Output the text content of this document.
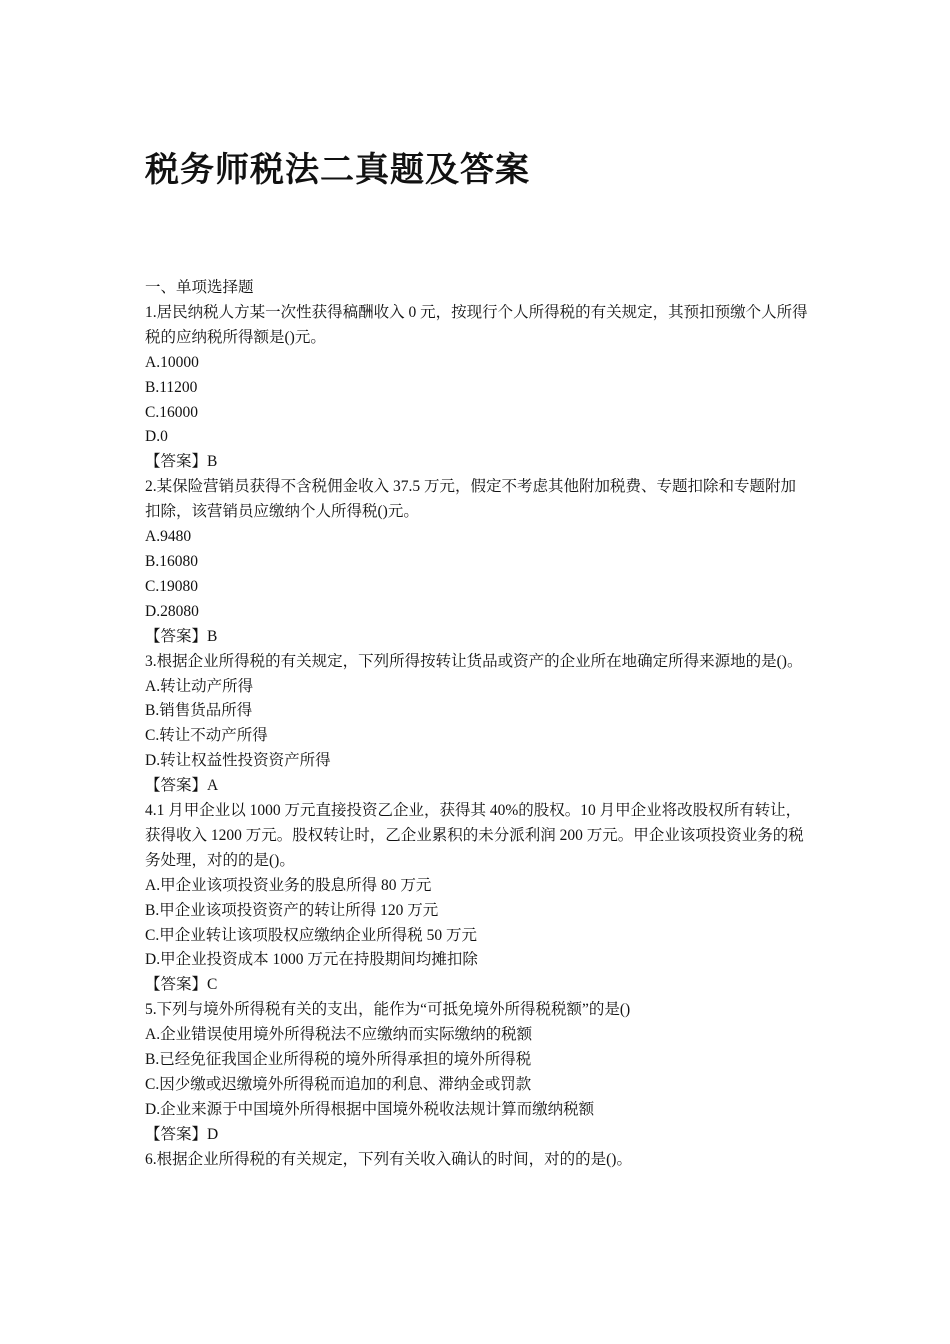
税务师税法二真题及答案

一、单项选择题

1.居民纳税人方某一次性获得稿酬收入 0 元，按现行个人所得税的有关规定，其预扣预缴个人所得税的应纳税所得额是()元。

A.10000

B.11200

C.16000

D.0

【答案】B

2.某保险营销员获得不含税佣金收入 37.5 万元，假定不考虑其他附加税费、专题扣除和专题附加扣除，该营销员应缴纳个人所得税()元。

A.9480

B.16080

C.19080

D.28080

【答案】B

3.根据企业所得税的有关规定，下列所得按转让货品或资产的企业所在地确定所得来源地的是()。

A.转让动产所得

B.销售货品所得

C.转让不动产所得

D.转让权益性投资资产所得

【答案】A

4.1 月甲企业以 1000 万元直接投资乙企业，获得其 40%的股权。10 月甲企业将改股权所有转让，获得收入 1200 万元。股权转让时，乙企业累积的未分派利润 200 万元。甲企业该项投资业务的税务处理，对的的是()。

A.甲企业该项投资业务的股息所得 80 万元

B.甲企业该项投资资产的转让所得 120 万元

C.甲企业转让该项股权应缴纳企业所得税 50 万元

D.甲企业投资成本 1000 万元在持股期间均摊扣除

【答案】C

5.下列与境外所得税有关的支出，能作为“可抵免境外所得税税额”的是()

A.企业错误使用境外所得税法不应缴纳而实际缴纳的税额

B.已经免征我国企业所得税的境外所得承担的境外所得税

C.因少缴或迟缴境外所得税而追加的利息、滞纳金或罚款

D.企业来源于中国境外所得根据中国境外税收法规计算而缴纳税额

【答案】D

6.根据企业所得税的有关规定，下列有关收入确认的时间，对的的是()。
